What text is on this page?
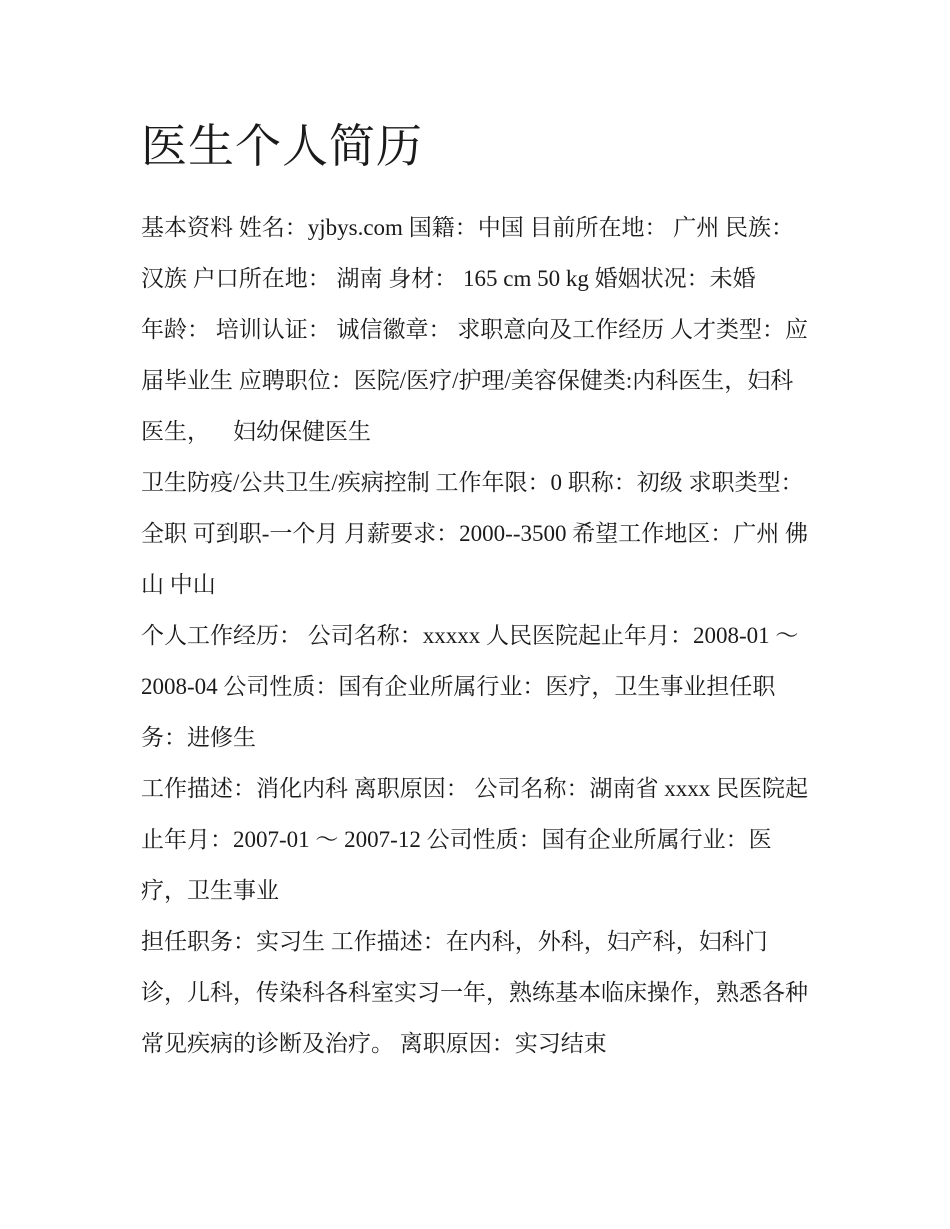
医生个人简历

基本资料 姓名：yjbys.com 国籍：中国 目前所在地： 广州 民族： 汉族 户口所在地： 湖南 身材： 165 cm 50 kg 婚姻状况：未婚

年龄： 培训认证： 诚信徽章： 求职意向及工作经历 人才类型：应届毕业生 应聘职位：医院/医疗/护理/美容保健类:内科医生，妇科医生，    妇幼保健医生

卫生防疫/公共卫生/疾病控制 工作年限：0 职称：初级 求职类型：全职 可到职-一个月 月薪要求：2000--3500 希望工作地区：广州 佛山 中山

个人工作经历： 公司名称：xxxxx 人民医院起止年月：2008-01 ～ 2008-04 公司性质：国有企业所属行业：医疗，卫生事业担任职务：进修生

工作描述：消化内科 离职原因： 公司名称：湖南省 xxxx 民医院起止年月：2007-01 ～ 2007-12 公司性质：国有企业所属行业：医疗，卫生事业

担任职务：实习生 工作描述：在内科，外科，妇产科，妇科门诊，儿科，传染科各科室实习一年，熟练基本临床操作，熟悉各种常见疾病的诊断及治疗。 离职原因：实习结束
